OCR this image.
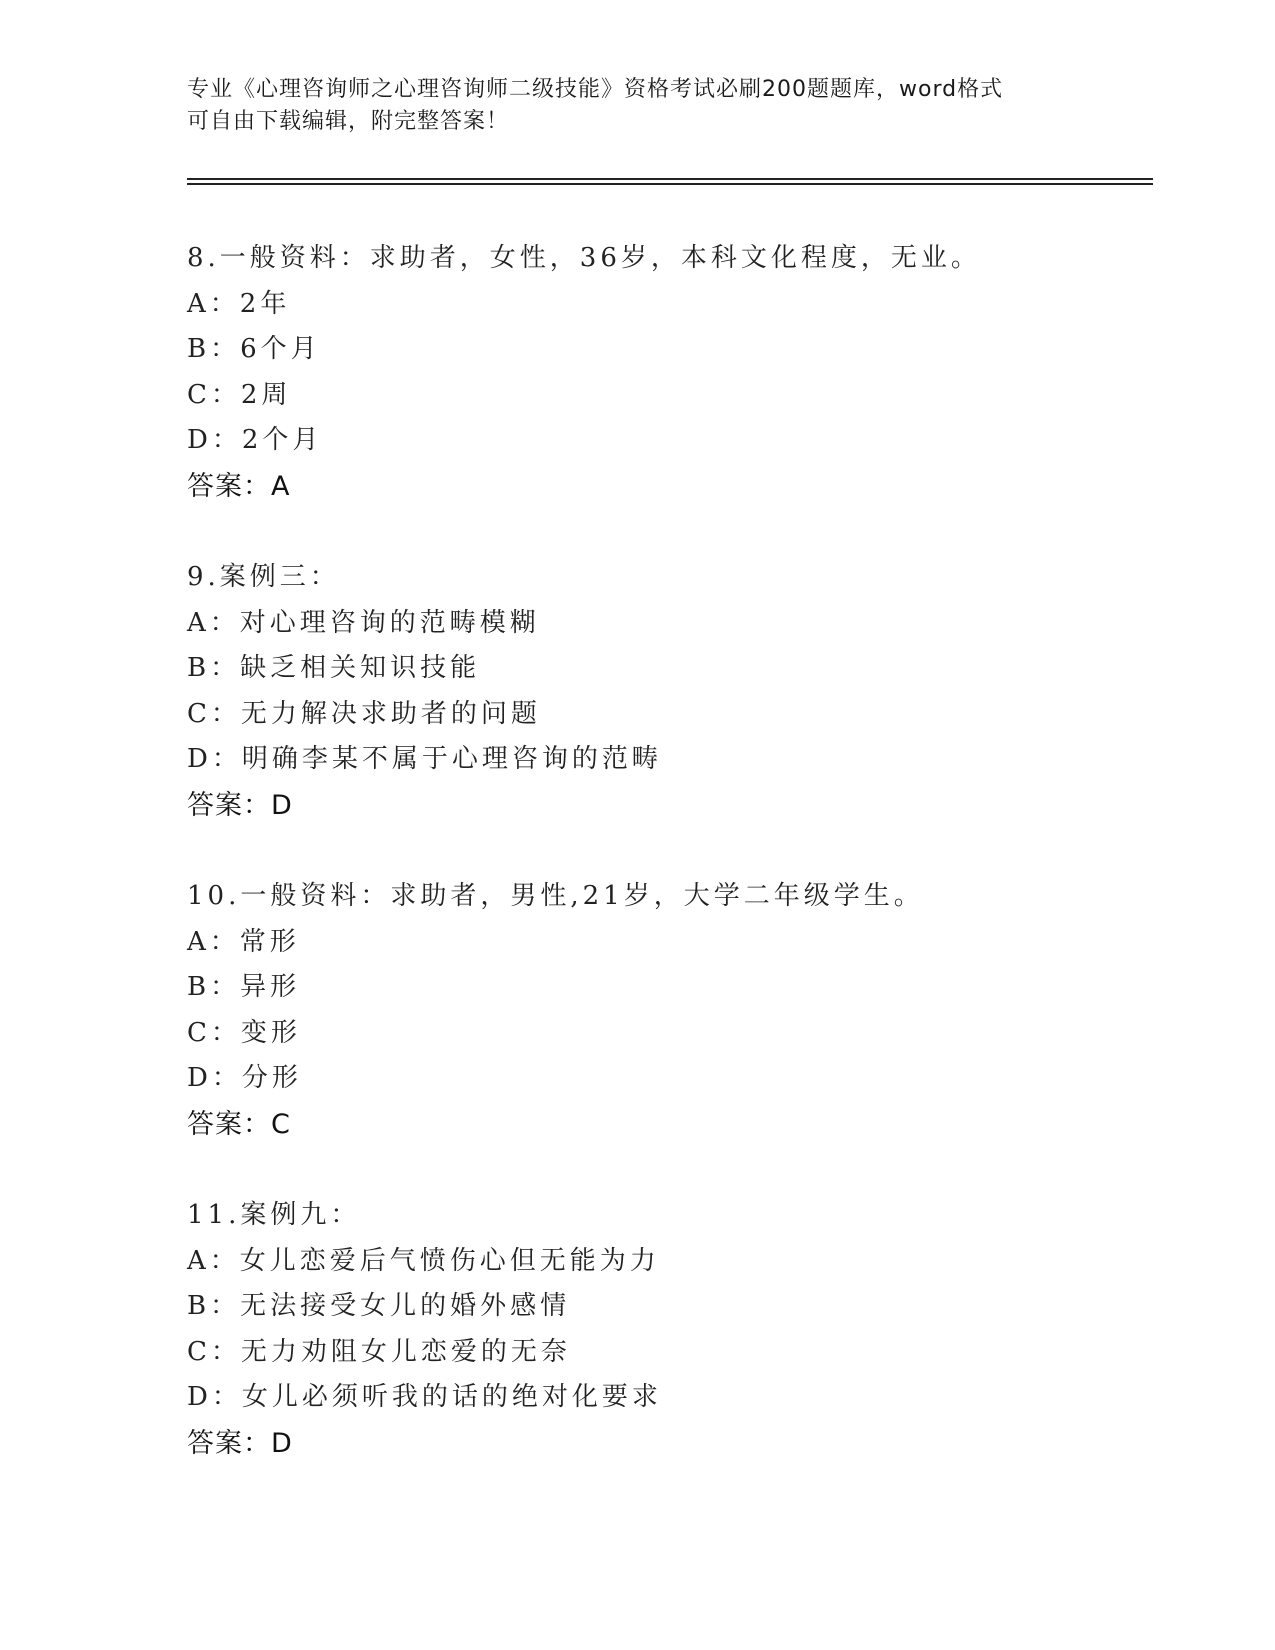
专业《心理咨询师之心理咨询师二级技能》资格考试必刷200题题库，word格式
可自由下载编辑，附完整答案！
8.一般资料：求助者，女性，36岁，本科文化程度，无业。
A：2年
B：6个月
C：2周
D：2个月
答案：A
9.案例三：
A：对心理咨询的范畴模糊
B：缺乏相关知识技能
C：无力解决求助者的问题
D：明确李某不属于心理咨询的范畴
答案：D
10.一般资料：求助者，男性,21岁，大学二年级学生。
A：常形
B：异形
C：变形
D：分形
答案：C
11.案例九：
A：女儿恋爱后气愤伤心但无能为力
B：无法接受女儿的婚外感情
C：无力劝阻女儿恋爱的无奈
D：女儿必须听我的话的绝对化要求
答案：D
